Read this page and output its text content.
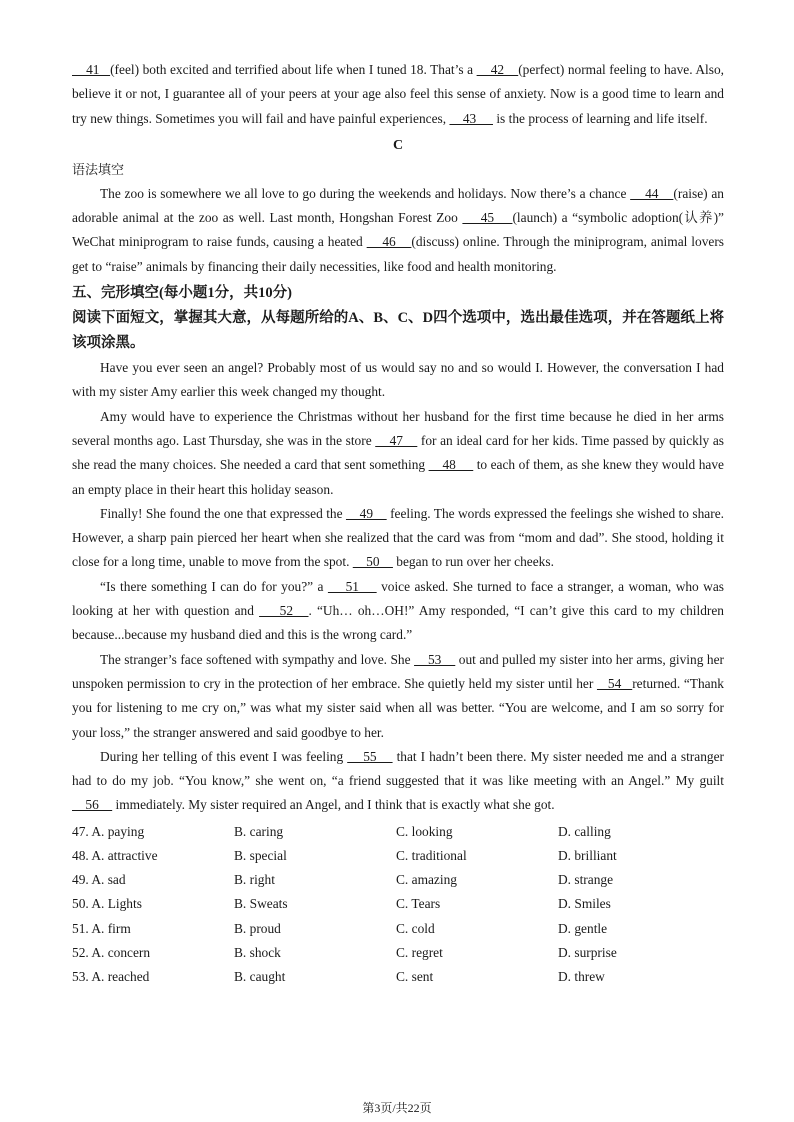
41   (feel) both excited and terrified about life when I tuned 18. That’s a     42    (perfect) normal feeling to have. Also, believe it or not, I guarantee all of your peers at your age also feel this sense of anxiety. Now is a good time to learn and try new things. Sometimes you will fail and have painful experiences,     43      is the process of learning and life itself.

C

语法填空

The zoo is somewhere we all love to go during the weekends and holidays. Now there’s a chance     44    (raise) an adorable animal at the zoo as well. Last month, Hongshan Forest Zoo     45    (launch) a “symbolic adoption(认养)” WeChat miniprogram to raise funds, causing a heated     46    (discuss) online. Through the miniprogram, animal lovers get to “raise” animals by financing their daily necessities, like food and health monitoring.

五、完形填空(每小题1分，共10分)

阅读下面短文，掌握其大意，从每题所给的A、B、C、D四个选项中，选出最佳选项，并在答题纸上将该项涂黑。

Have you ever seen an angel? Probably most of us would say no and so would I. However, the conversation I had with my sister Amy earlier this week changed my thought.

Amy would have to experience the Christmas without her husband for the first time because he died in her arms several months ago. Last Thursday, she was in the store     47     for an ideal card for her kids. Time passed by quickly as she read the many choices. She needed a card that sent something     48      to each of them, as she knew they would have an empty place in their heart this holiday season.

Finally! She found the one that expressed the     49     feeling. The words expressed the feelings she wished to share. However, a sharp pain pierced her heart when she realized that the card was from “mom and dad”. She stood, holding it close for a long time, unable to move from the spot.     50     began to run over her cheeks.

“Is there something I can do for you?” a     51     voice asked. She turned to face a stranger, a woman, who was looking at her with question and     52   . “Uh… oh…OH!” Amy responded, “I can’t give this card to my children because...because my husband died and this is the wrong card.”

The stranger’s face softened with sympathy and love. She     53     out and pulled my sister into her arms, giving her unspoken permission to cry in the protection of her embrace. She quietly held my sister until her    54   returned. “Thank you for listening to me cry on,” was what my sister said when all was better. “You are welcome, and I am so sorry for your loss,” the stranger answered and said goodbye to her.

During her telling of this event I was feeling     55     that I hadn’t been there. My sister needed me and a stranger had to do my job. “You know,” she went on, “a friend suggested that it was like meeting with an Angel.” My guilt     56     immediately. My sister required an Angel, and I think that is exactly what she got.

47. A. paying	B. caring	C. looking	D. calling
48. A. attractive	B. special	C. traditional	D. brilliant
49. A. sad	B. right	C. amazing	D. strange
50. A. Lights	B. Sweats	C. Tears	D. Smiles
51. A. firm	B. proud	C. cold	D. gentle
52. A. concern	B. shock	C. regret	D. surprise
53. A. reached	B. caught	C. sent	D. threw
第3页/共22页
